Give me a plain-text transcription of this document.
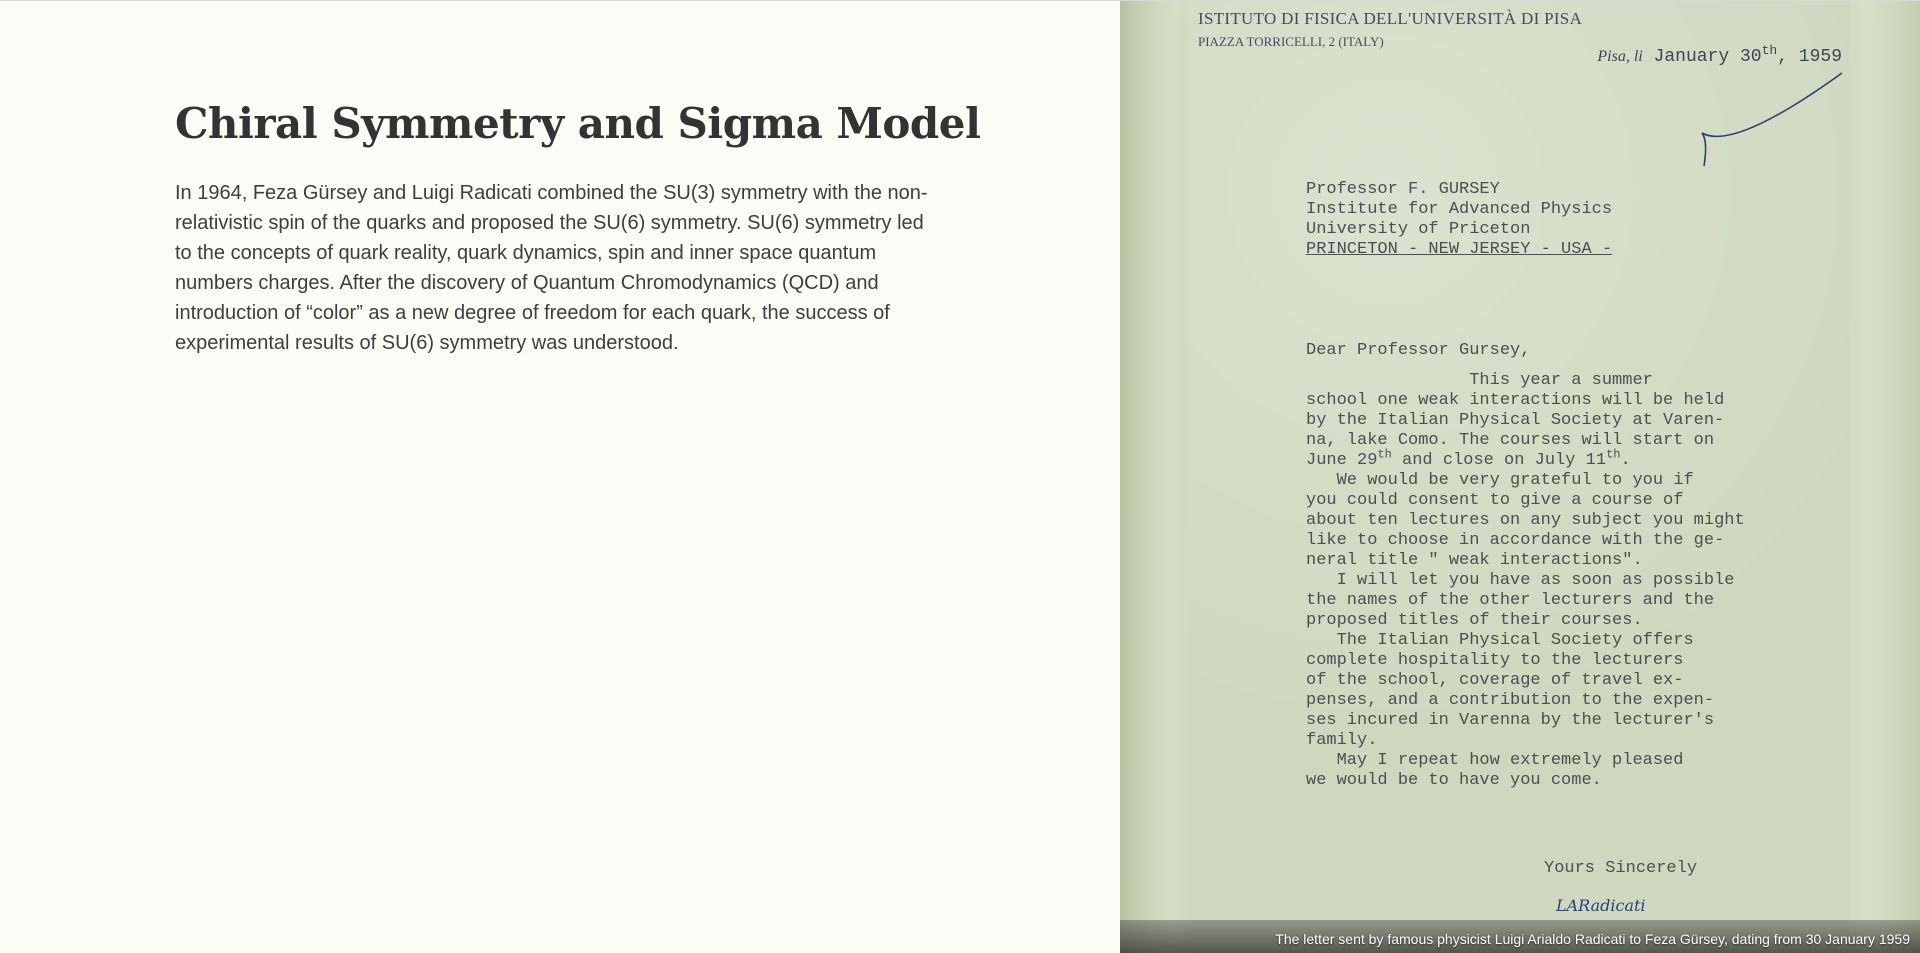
Chiral Symmetry and Sigma Model

In 1964, Feza Gürsey and Luigi Radicati combined the SU(3) symmetry with the non-relativistic spin of the quarks and proposed the SU(6) symmetry. SU(6) symmetry led to the concepts of quark reality, quark dynamics, spin and inner space quantum numbers charges. After the discovery of Quantum Chromodynamics (QCD) and introduction of “color” as a new degree of freedom for each quark, the success of experimental results of SU(6) symmetry was understood.

ISTITUTO DI FISICA DELL'UNIVERSITÀ DI PISA
PIAZZA TORRICELLI, 2 (ITALY)
Pisa, li January 30th, 1959
Professor F. GURSEY
Institute for Advanced Physics
University of Priceton
PRINCETON - NEW JERSEY - USA -
Dear Professor Gursey,
This year a summer
school one weak interactions will be held
by the Italian Physical Society at Varen-
na, lake Como. The courses will start on
June 29th and close on July 11th.
We would be very grateful to you if
you could consent to give a course of
about ten lectures on any subject you might
like to choose in accordance with the ge-
neral title " weak interactions".
I will let you have as soon as possible
the names of the other lecturers and the
proposed titles of their courses.
The Italian Physical Society offers
complete hospitality to the lecturers
of the school, coverage of travel ex-
penses, and a contribution to the expen-
ses incured in Varenna by the lecturer's
family.
May I repeat how extremely pleased
we would be to have you come.
Yours Sincerely
LARadicati
The letter sent by famous physicist Luigi Arialdo Radicati to Feza Gürsey, dating from 30 January 1959
